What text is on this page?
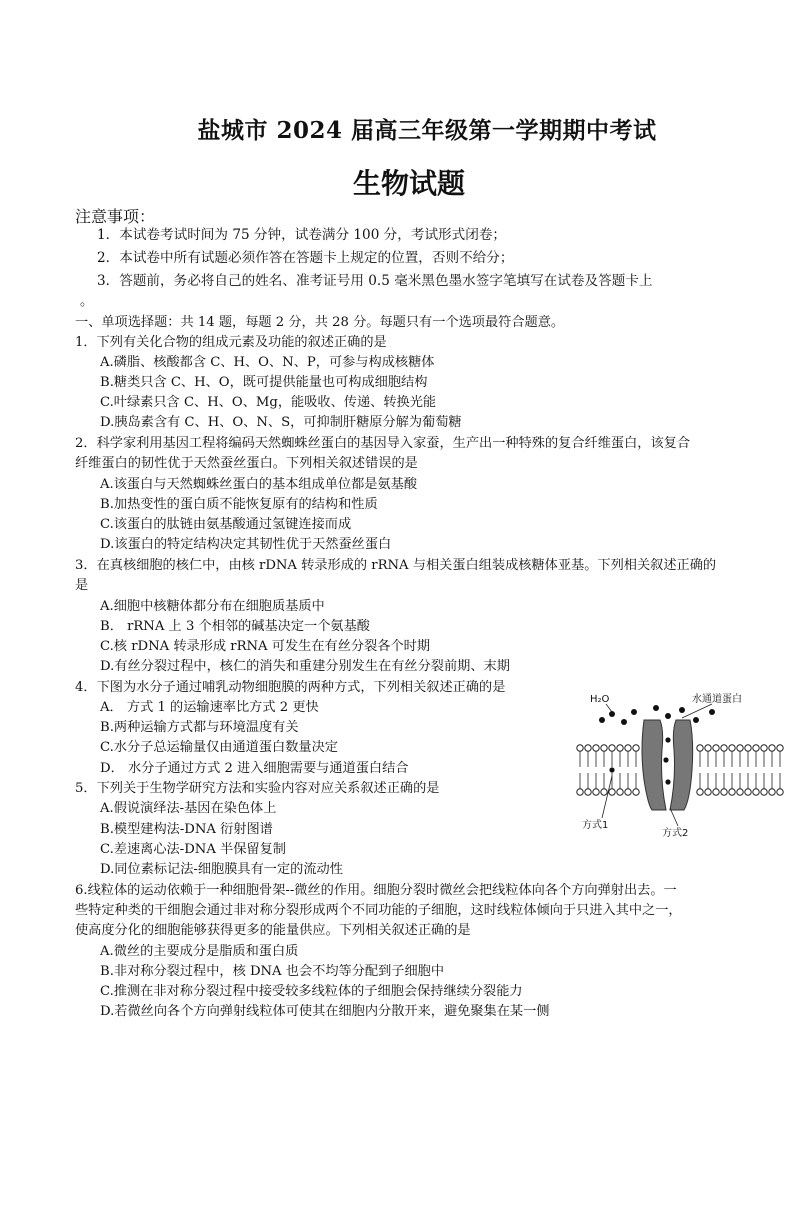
盐城市 2024 届高三年级第一学期期中考试
生物试题
注意事项：
1．本试卷考试时间为 75 分钟，试卷满分 100 分，考试形式闭卷；
2．本试卷中所有试题必须作答在答题卡上规定的位置，否则不给分；
3．答题前，务必将自己的姓名、准考证号用 0.5 毫米黑色墨水签字笔填写在试卷及答题卡上
。
一、单项选择题：共 14 题，每题 2 分，共 28 分。每题只有一个选项最符合题意。
1．下列有关化合物的组成元素及功能的叙述正确的是
A.磷脂、核酸都含 C、H、O、N、P，可参与构成核糖体
B.糖类只含 C、H、O，既可提供能量也可构成细胞结构
C.叶绿素只含 C、H、O、Mg，能吸收、传递、转换光能
D.胰岛素含有 C、H、O、N、S，可抑制肝糖原分解为葡萄糖
2．科学家利用基因工程将编码天然蜘蛛丝蛋白的基因导入家蚕，生产出一种特殊的复合纤维蛋白，该复合
纤维蛋白的韧性优于天然蚕丝蛋白。下列相关叙述错误的是
A.该蛋白与天然蜘蛛丝蛋白的基本组成单位都是氨基酸
B.加热变性的蛋白质不能恢复原有的结构和性质
C.该蛋白的肽链由氨基酸通过氢键连接而成
D.该蛋白的特定结构决定其韧性优于天然蚕丝蛋白
3．在真核细胞的核仁中，由核 rDNA 转录形成的 rRNA 与相关蛋白组装成核糖体亚基。下列相关叙述正确的
是
A.细胞中核糖体都分布在细胞质基质中
B． rRNA 上 3 个相邻的碱基决定一个氨基酸
C.核 rDNA 转录形成 rRNA 可发生在有丝分裂各个时期
D.有丝分裂过程中，核仁的消失和重建分别发生在有丝分裂前期、末期
4．下图为水分子通过哺乳动物细胞膜的两种方式，下列相关叙述正确的是
A． 方式 1 的运输速率比方式 2 更快
B.两种运输方式都与环境温度有关
C.水分子总运输量仅由通道蛋白数量决定
D． 水分子通过方式 2 进入细胞需要与通道蛋白结合
5．下列关于生物学研究方法和实验内容对应关系叙述正确的是
A.假说演绎法-基因在染色体上
B.模型建构法-DNA 衍射图谱
C.差速离心法-DNA 半保留复制
D.同位素标记法-细胞膜具有一定的流动性
6.线粒体的运动依赖于一种细胞骨架--微丝的作用。细胞分裂时微丝会把线粒体向各个方向弹射出去。一
些特定种类的干细胞会通过非对称分裂形成两个不同功能的子细胞，这时线粒体倾向于只进入其中之一，
使高度分化的细胞能够获得更多的能量供应。下列相关叙述正确的是
A.微丝的主要成分是脂质和蛋白质
B.非对称分裂过程中，核 DNA 也会不均等分配到子细胞中
C.推测在非对称分裂过程中接受较多线粒体的子细胞会保持继续分裂能力
D.若微丝向各个方向弹射线粒体可使其在细胞内分散开来，避免聚集在某一侧
H₂O	水通道蛋白
方式1
方式2
